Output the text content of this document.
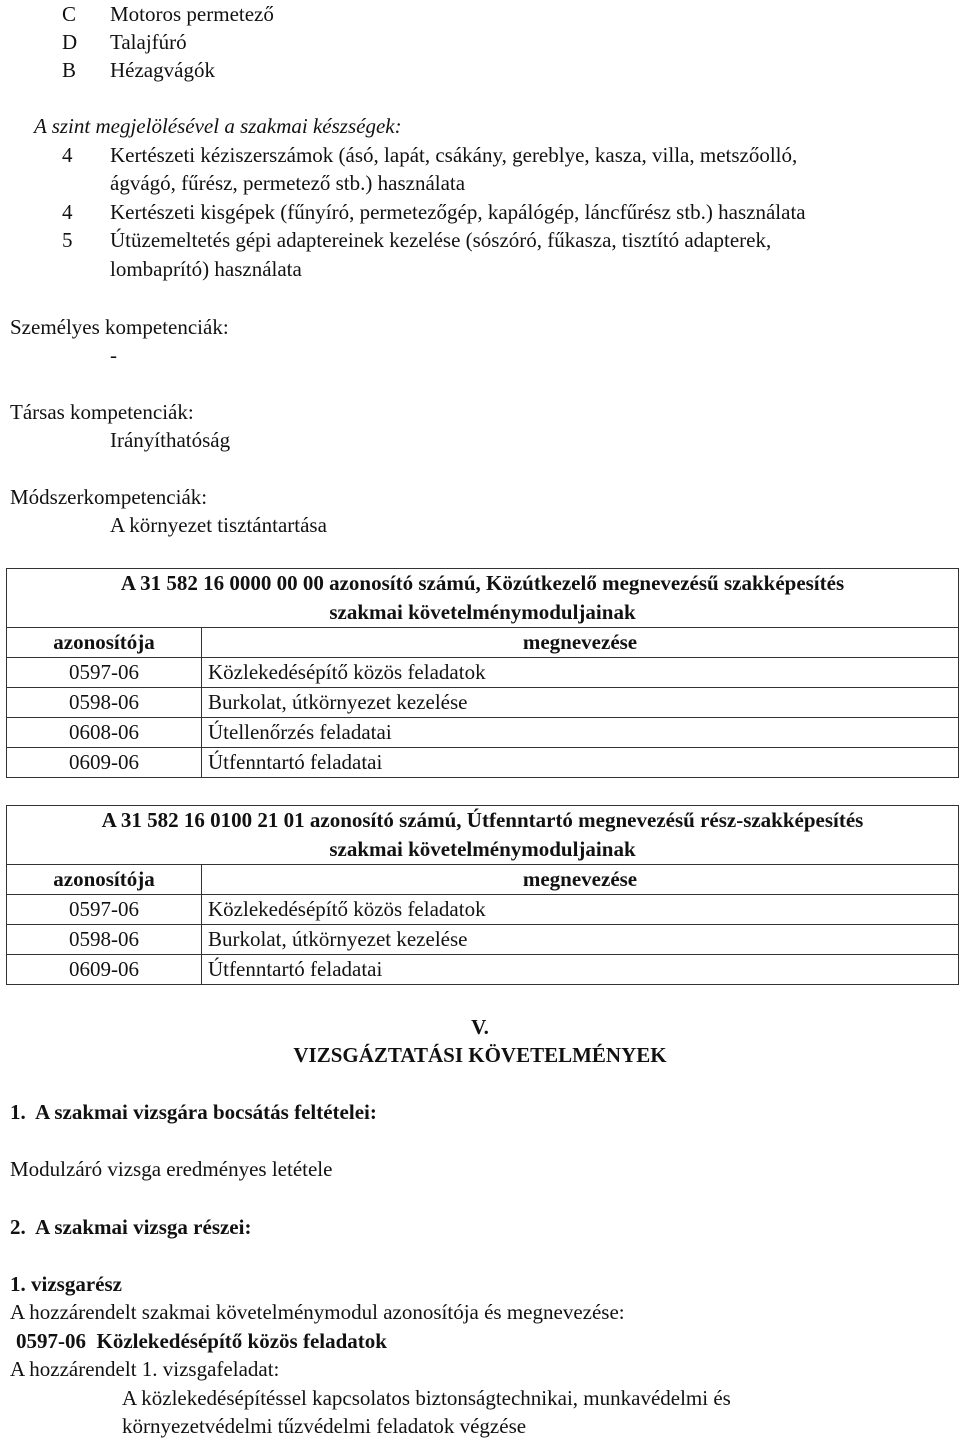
C Motoros permetező
D Talajfúró
B Hézagvágók
A szint megjelölésével a szakmai készségek:
4 Kertészeti kéziszerszámok (ásó, lapát, csákány, gereblye, kasza, villa, metszőolló,
ágvágó, fűrész, permetező stb.) használata
4 Kertészeti kisgépek (fűnyíró, permetezőgép, kapálógép, láncfűrész stb.) használata
5 Útüzemeltetés gépi adaptereinek kezelése (sószóró, fűkasza, tisztító adapterek,
lombaprító) használata
Személyes kompetenciák:
-
Társas kompetenciák:
Irányíthatóság
Módszerkompetenciák:
A környezet tisztántartása
A 31 582 16 0000 00 00 azonosító számú, Közútkezelő megnevezésű szakképesítés
szakmai követelménymoduljainak	

azonosítója	megnevezése
0597-06	Közlekedésépítő közös feladatok
0598-06	Burkolat, útkörnyezet kezelése
0608-06	Útellenőrzés feladatai
0609-06	Útfenntartó feladatai
A 31 582 16 0100 21 01 azonosító számú, Útfenntartó megnevezésű rész-szakképesítés
szakmai követelménymoduljainak	

azonosítója	megnevezése
0597-06	Közlekedésépítő közös feladatok
0598-06	Burkolat, útkörnyezet kezelése
0609-06	Útfenntartó feladatai
V.
VIZSGÁZTATÁSI KÖVETELMÉNYEK
1.  A szakmai vizsgára bocsátás feltételei:
Modulzáró vizsga eredményes letétele
2.  A szakmai vizsga részei:
1. vizsgarész
A hozzárendelt szakmai követelménymodul azonosítója és megnevezése:
0597-06  Közlekedésépítő közös feladatok
A hozzárendelt 1. vizsgafeladat:
A közlekedésépítéssel kapcsolatos biztonságtechnikai, munkavédelmi és
környezetvédelmi tűzvédelmi feladatok végzése
